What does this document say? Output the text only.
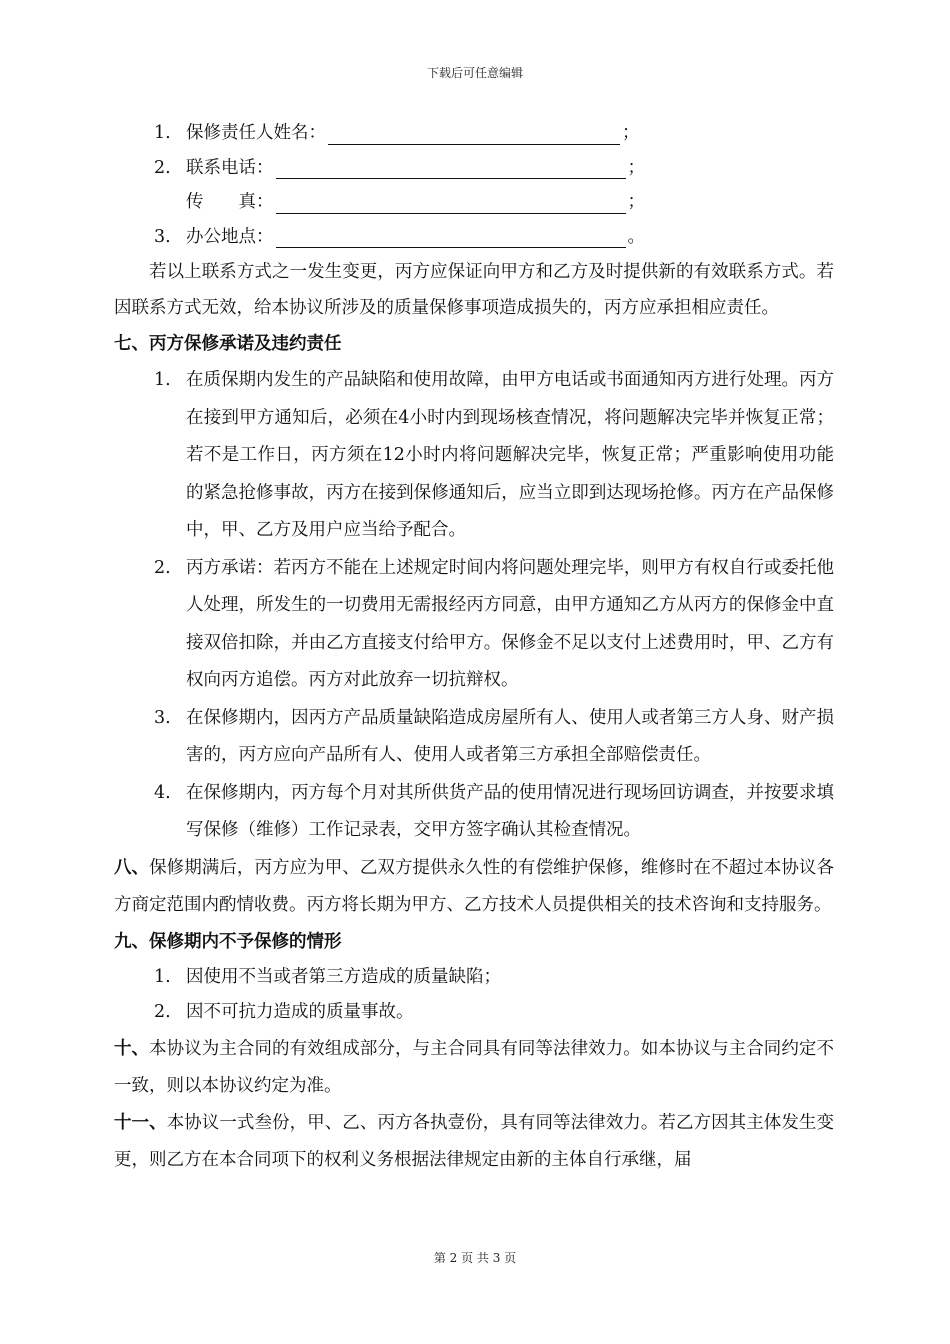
下载后可任意编辑
1. 保修责任人姓名：	；
2. 联系电话：	；
传　　真：	；
3. 办公地点：	。

若以上联系方式之一发生变更，丙方应保证向甲方和乙方及时提供新的有效联系方式。若因联系方式无效，给本协议所涉及的质量保修事项造成损失的，丙方应承担相应责任。

七、丙方保修承诺及违约责任

1. 在质保期内发生的产品缺陷和使用故障，由甲方电话或书面通知丙方进行处理。丙方在接到甲方通知后，必须在4小时内到现场核查情况，将问题解决完毕并恢复正常；若不是工作日，丙方须在12小时内将问题解决完毕，恢复正常；严重影响使用功能的紧急抢修事故，丙方在接到保修通知后，应当立即到达现场抢修。丙方在产品保修中，甲、乙方及用户应当给予配合。
2. 丙方承诺：若丙方不能在上述规定时间内将问题处理完毕，则甲方有权自行或委托他人处理，所发生的一切费用无需报经丙方同意，由甲方通知乙方从丙方的保修金中直接双倍扣除，并由乙方直接支付给甲方。保修金不足以支付上述费用时，甲、乙方有权向丙方追偿。丙方对此放弃一切抗辩权。
3. 在保修期内，因丙方产品质量缺陷造成房屋所有人、使用人或者第三方人身、财产损害的，丙方应向产品所有人、使用人或者第三方承担全部赔偿责任。
4. 在保修期内，丙方每个月对其所供货产品的使用情况进行现场回访调查，并按要求填写保修（维修）工作记录表，交甲方签字确认其检查情况。

八、保修期满后，丙方应为甲、乙双方提供永久性的有偿维护保修，维修时在不超过本协议各方商定范围内酌情收费。丙方将长期为甲方、乙方技术人员提供相关的技术咨询和支持服务。

九、保修期内不予保修的情形

1. 因使用不当或者第三方造成的质量缺陷；
2. 因不可抗力造成的质量事故。

十、本协议为主合同的有效组成部分，与主合同具有同等法律效力。如本协议与主合同约定不一致，则以本协议约定为准。

十一、本协议一式叁份，甲、乙、丙方各执壹份，具有同等法律效力。若乙方因其主体发生变更，则乙方在本合同项下的权利义务根据法律规定由新的主体自行承继，届

第 2 页 共 3 页
